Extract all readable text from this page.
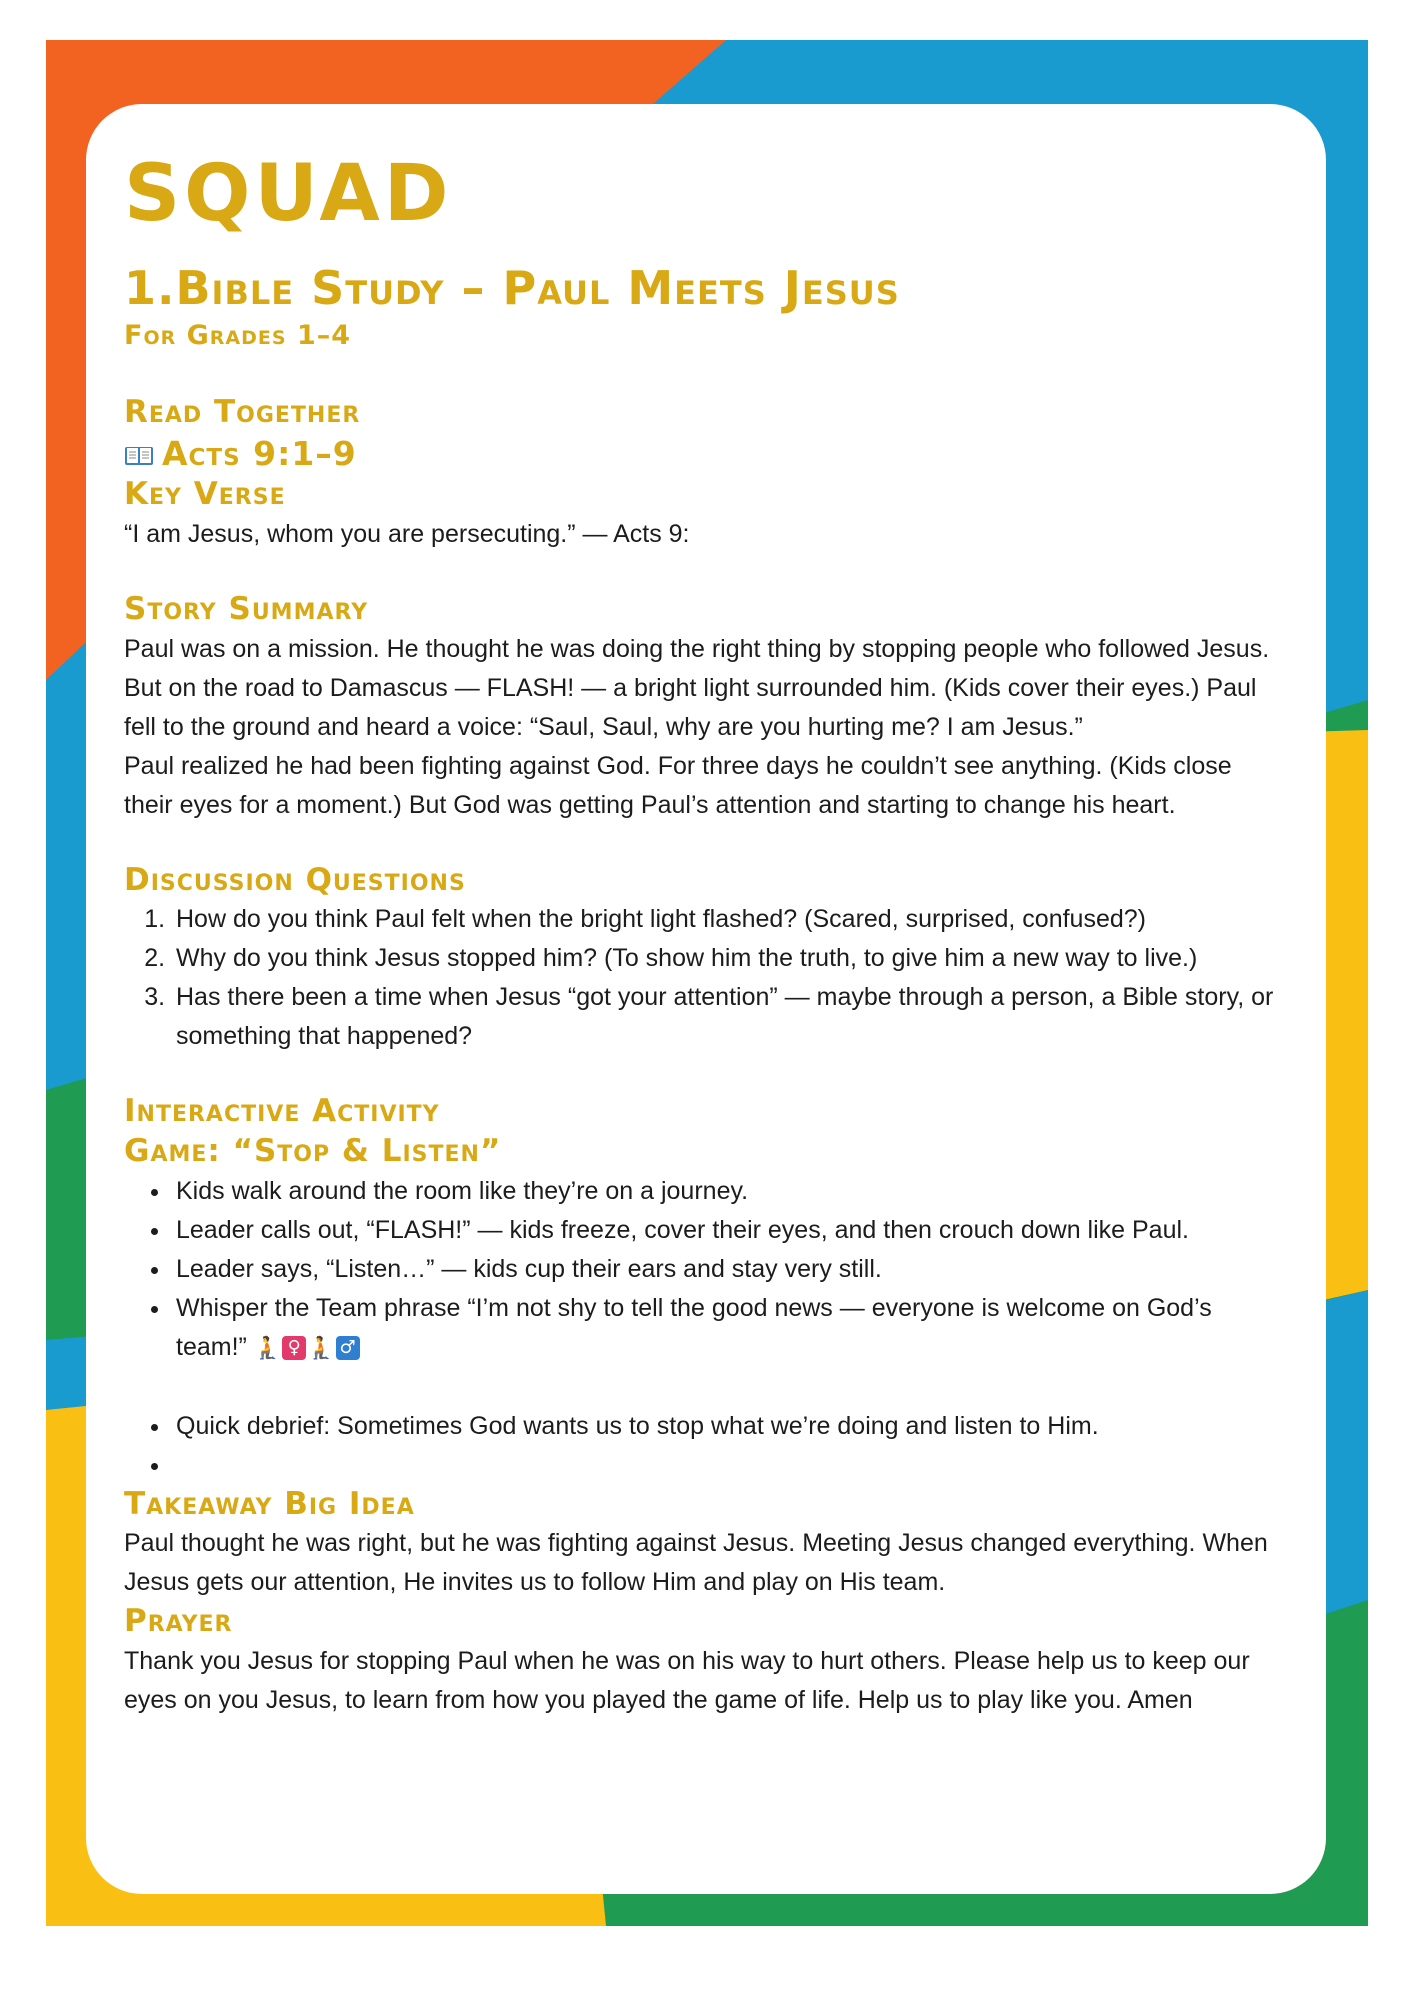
squad
1.Bible Study – Paul Meets Jesus
For Grades 1–4
Read Together
Acts 9:1–9
Key Verse

“I am Jesus, whom you are persecuting.” — Acts 9:

Story Summary

Paul was on a mission. He thought he was doing the right thing by stopping people who followed Jesus. But on the road to Damascus — FLASH! — a bright light surrounded him. (Kids cover their eyes.) Paul fell to the ground and heard a voice: “Saul, Saul, why are you hurting me? I am Jesus.”

Paul realized he had been fighting against God. For three days he couldn’t see anything. (Kids close their eyes for a moment.) But God was getting Paul’s attention and starting to change his heart.

Discussion Questions
1. How do you think Paul felt when the bright light flashed? (Scared, surprised, confused?)
2. Why do you think Jesus stopped him? (To show him the truth, to give him a new way to live.)
3. Has there been a time when Jesus “got your attention” — maybe through a person, a Bible story, or something that happened?
Interactive Activity
Game: “Stop & Listen”
• Kids walk around the room like they’re on a journey.
• Leader calls out, “FLASH!” — kids freeze, cover their eyes, and then crouch down like Paul.
• Leader says, “Listen…” — kids cup their ears and stay very still.
• Whisper the Team phrase “I’m not shy to tell the good news — everyone is welcome on God’s team!” 🧎 ♀ 🧎 ♂
• Quick debrief: Sometimes God wants us to stop what we’re doing and listen to Him.
•
Takeaway Big Idea

Paul thought he was right, but he was fighting against Jesus. Meeting Jesus changed everything. When Jesus gets our attention, He invites us to follow Him and play on His team.

Prayer

Thank you Jesus for stopping Paul when he was on his way to hurt others. Please help us to keep our eyes on you Jesus, to learn from how you played the game of life. Help us to play like you. Amen
